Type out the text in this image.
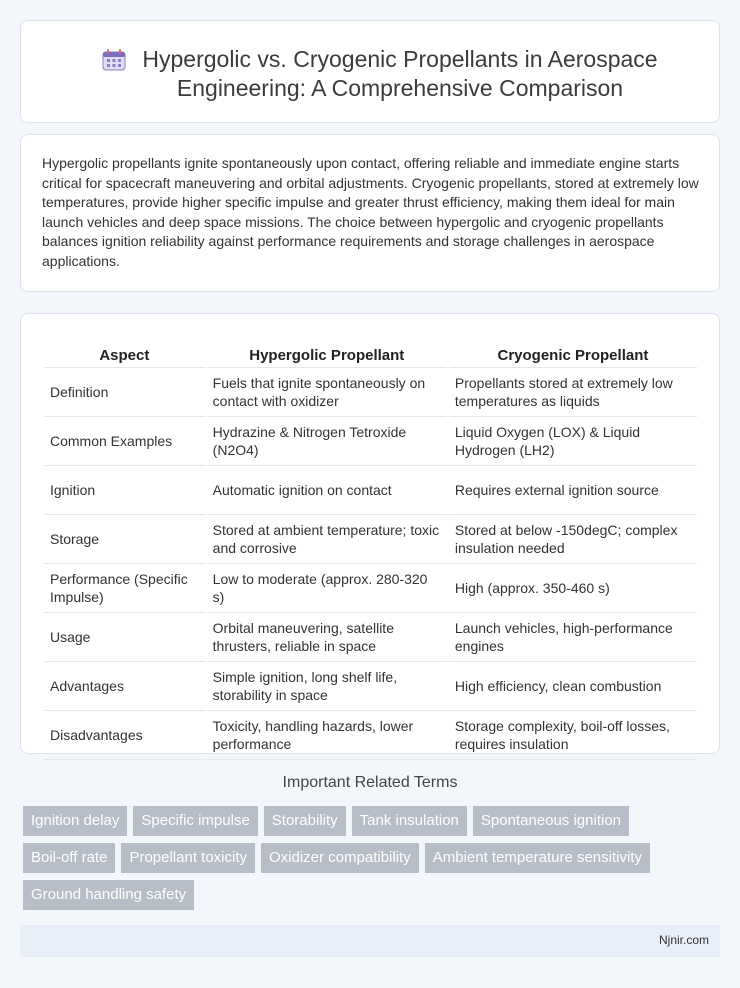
Hypergolic vs. Cryogenic Propellants in Aerospace Engineering: A Comprehensive Comparison

Hypergolic propellants ignite spontaneously upon contact, offering reliable and immediate engine starts critical for spacecraft maneuvering and orbital adjustments. Cryogenic propellants, stored at extremely low temperatures, provide higher specific impulse and greater thrust efficiency, making them ideal for main launch vehicles and deep space missions. The choice between hypergolic and cryogenic propellants balances ignition reliability against performance requirements and storage challenges in aerospace applications.

Aspect	Hypergolic Propellant	Cryogenic Propellant
Definition	Fuels that ignite spontaneously on contact with oxidizer	Propellants stored at extremely low temperatures as liquids
Common Examples	Hydrazine & Nitrogen Tetroxide (N2O4)	Liquid Oxygen (LOX) & Liquid Hydrogen (LH2)
Ignition	Automatic ignition on contact	Requires external ignition source
Storage	Stored at ambient temperature; toxic and corrosive	Stored at below -150degC; complex insulation needed
Performance (Specific Impulse)	Low to moderate (approx. 280-320 s)	High (approx. 350-460 s)
Usage	Orbital maneuvering, satellite thrusters, reliable in space	Launch vehicles, high-performance engines
Advantages	Simple ignition, long shelf life, storability in space	High efficiency, clean combustion
Disadvantages	Toxicity, handling hazards, lower performance	Storage complexity, boil-off losses, requires insulation
Important Related Terms
Ignition delay	Specific impulse	Storability	Tank insulation	Spontaneous ignition
Boil-off rate	Propellant toxicity	Oxidizer compatibility	Ambient temperature sensitivity
Ground handling safety
Njnir.com
